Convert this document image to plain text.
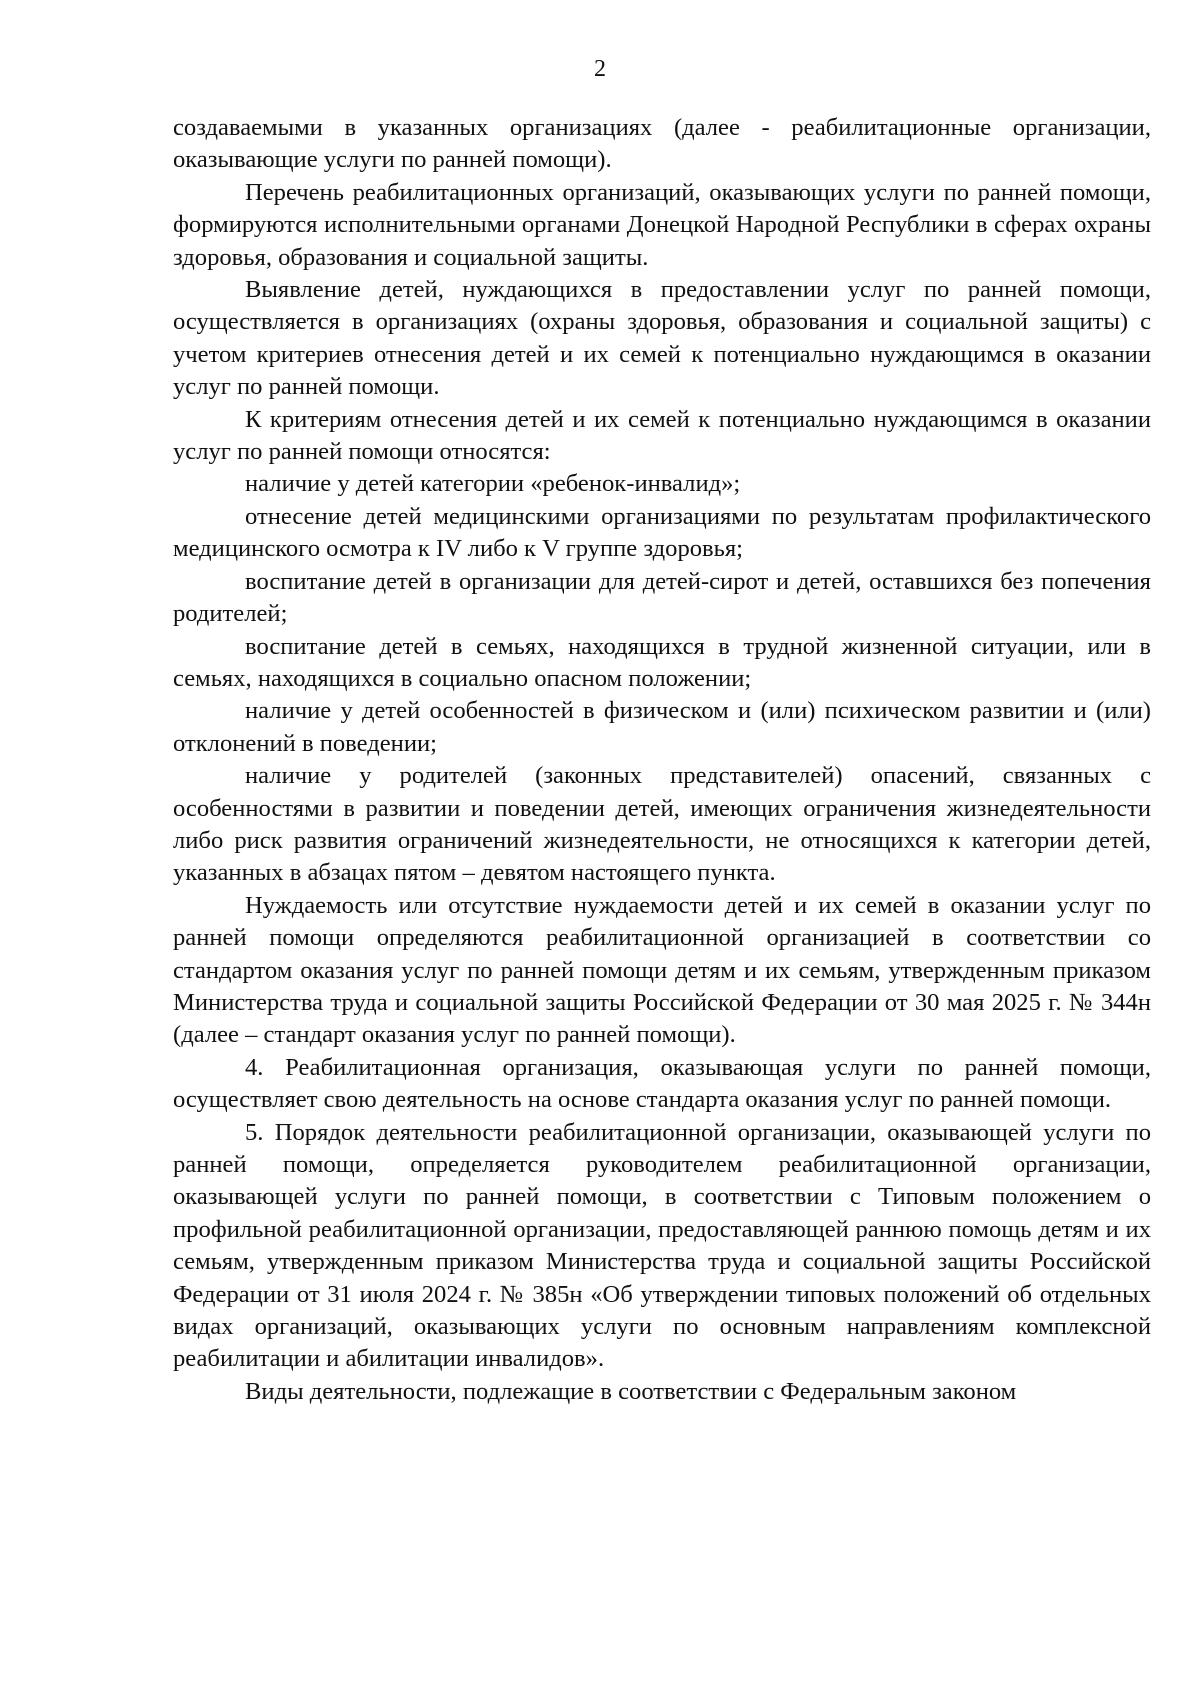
2

создаваемыми в указанных организациях (далее - реабилитационные организации, оказывающие услуги по ранней помощи).

Перечень реабилитационных организаций, оказывающих услуги по ранней помощи, формируются исполнительными органами Донецкой Народной Республики в сферах охраны здоровья, образования и социальной защиты.

Выявление детей, нуждающихся в предоставлении услуг по ранней помощи, осуществляется в организациях (охраны здоровья, образования и социальной защиты) с учетом критериев отнесения детей и их семей к потенциально нуждающимся в оказании услуг по ранней помощи.

К критериям отнесения детей и их семей к потенциально нуждающимся в оказании услуг по ранней помощи относятся:

наличие у детей категории «ребенок-инвалид»;

отнесение детей медицинскими организациями по результатам профилактического медицинского осмотра к IV либо к V группе здоровья;

воспитание детей в организации для детей-сирот и детей, оставшихся без попечения родителей;

воспитание детей в семьях, находящихся в трудной жизненной ситуации, или в семьях, находящихся в социально опасном положении;

наличие у детей особенностей в физическом и (или) психическом развитии и (или) отклонений в поведении;

наличие у родителей (законных представителей) опасений, связанных с особенностями в развитии и поведении детей, имеющих ограничения жизнедеятельности либо риск развития ограничений жизнедеятельности, не относящихся к категории детей, указанных в абзацах пятом – девятом настоящего пункта.

Нуждаемость или отсутствие нуждаемости детей и их семей в оказании услуг по ранней помощи определяются реабилитационной организацией в соответствии со стандартом оказания услуг по ранней помощи детям и их семьям, утвержденным приказом Министерства труда и социальной защиты Российской Федерации от 30 мая 2025 г. № 344н (далее – стандарт оказания услуг по ранней помощи).

4. Реабилитационная организация, оказывающая услуги по ранней помощи, осуществляет свою деятельность на основе стандарта оказания услуг по ранней помощи.

5. Порядок деятельности реабилитационной организации, оказывающей услуги по ранней помощи, определяется руководителем реабилитационной организации, оказывающей услуги по ранней помощи, в соответствии с Типовым положением о профильной реабилитационной организации, предоставляющей раннюю помощь детям и их семьям, утвержденным приказом Министерства труда и социальной защиты Российской Федерации от 31 июля 2024 г. № 385н «Об утверждении типовых положений об отдельных видах организаций, оказывающих услуги по основным направлениям комплексной реабилитации и абилитации инвалидов».

Виды деятельности, подлежащие в соответствии с Федеральным законом
